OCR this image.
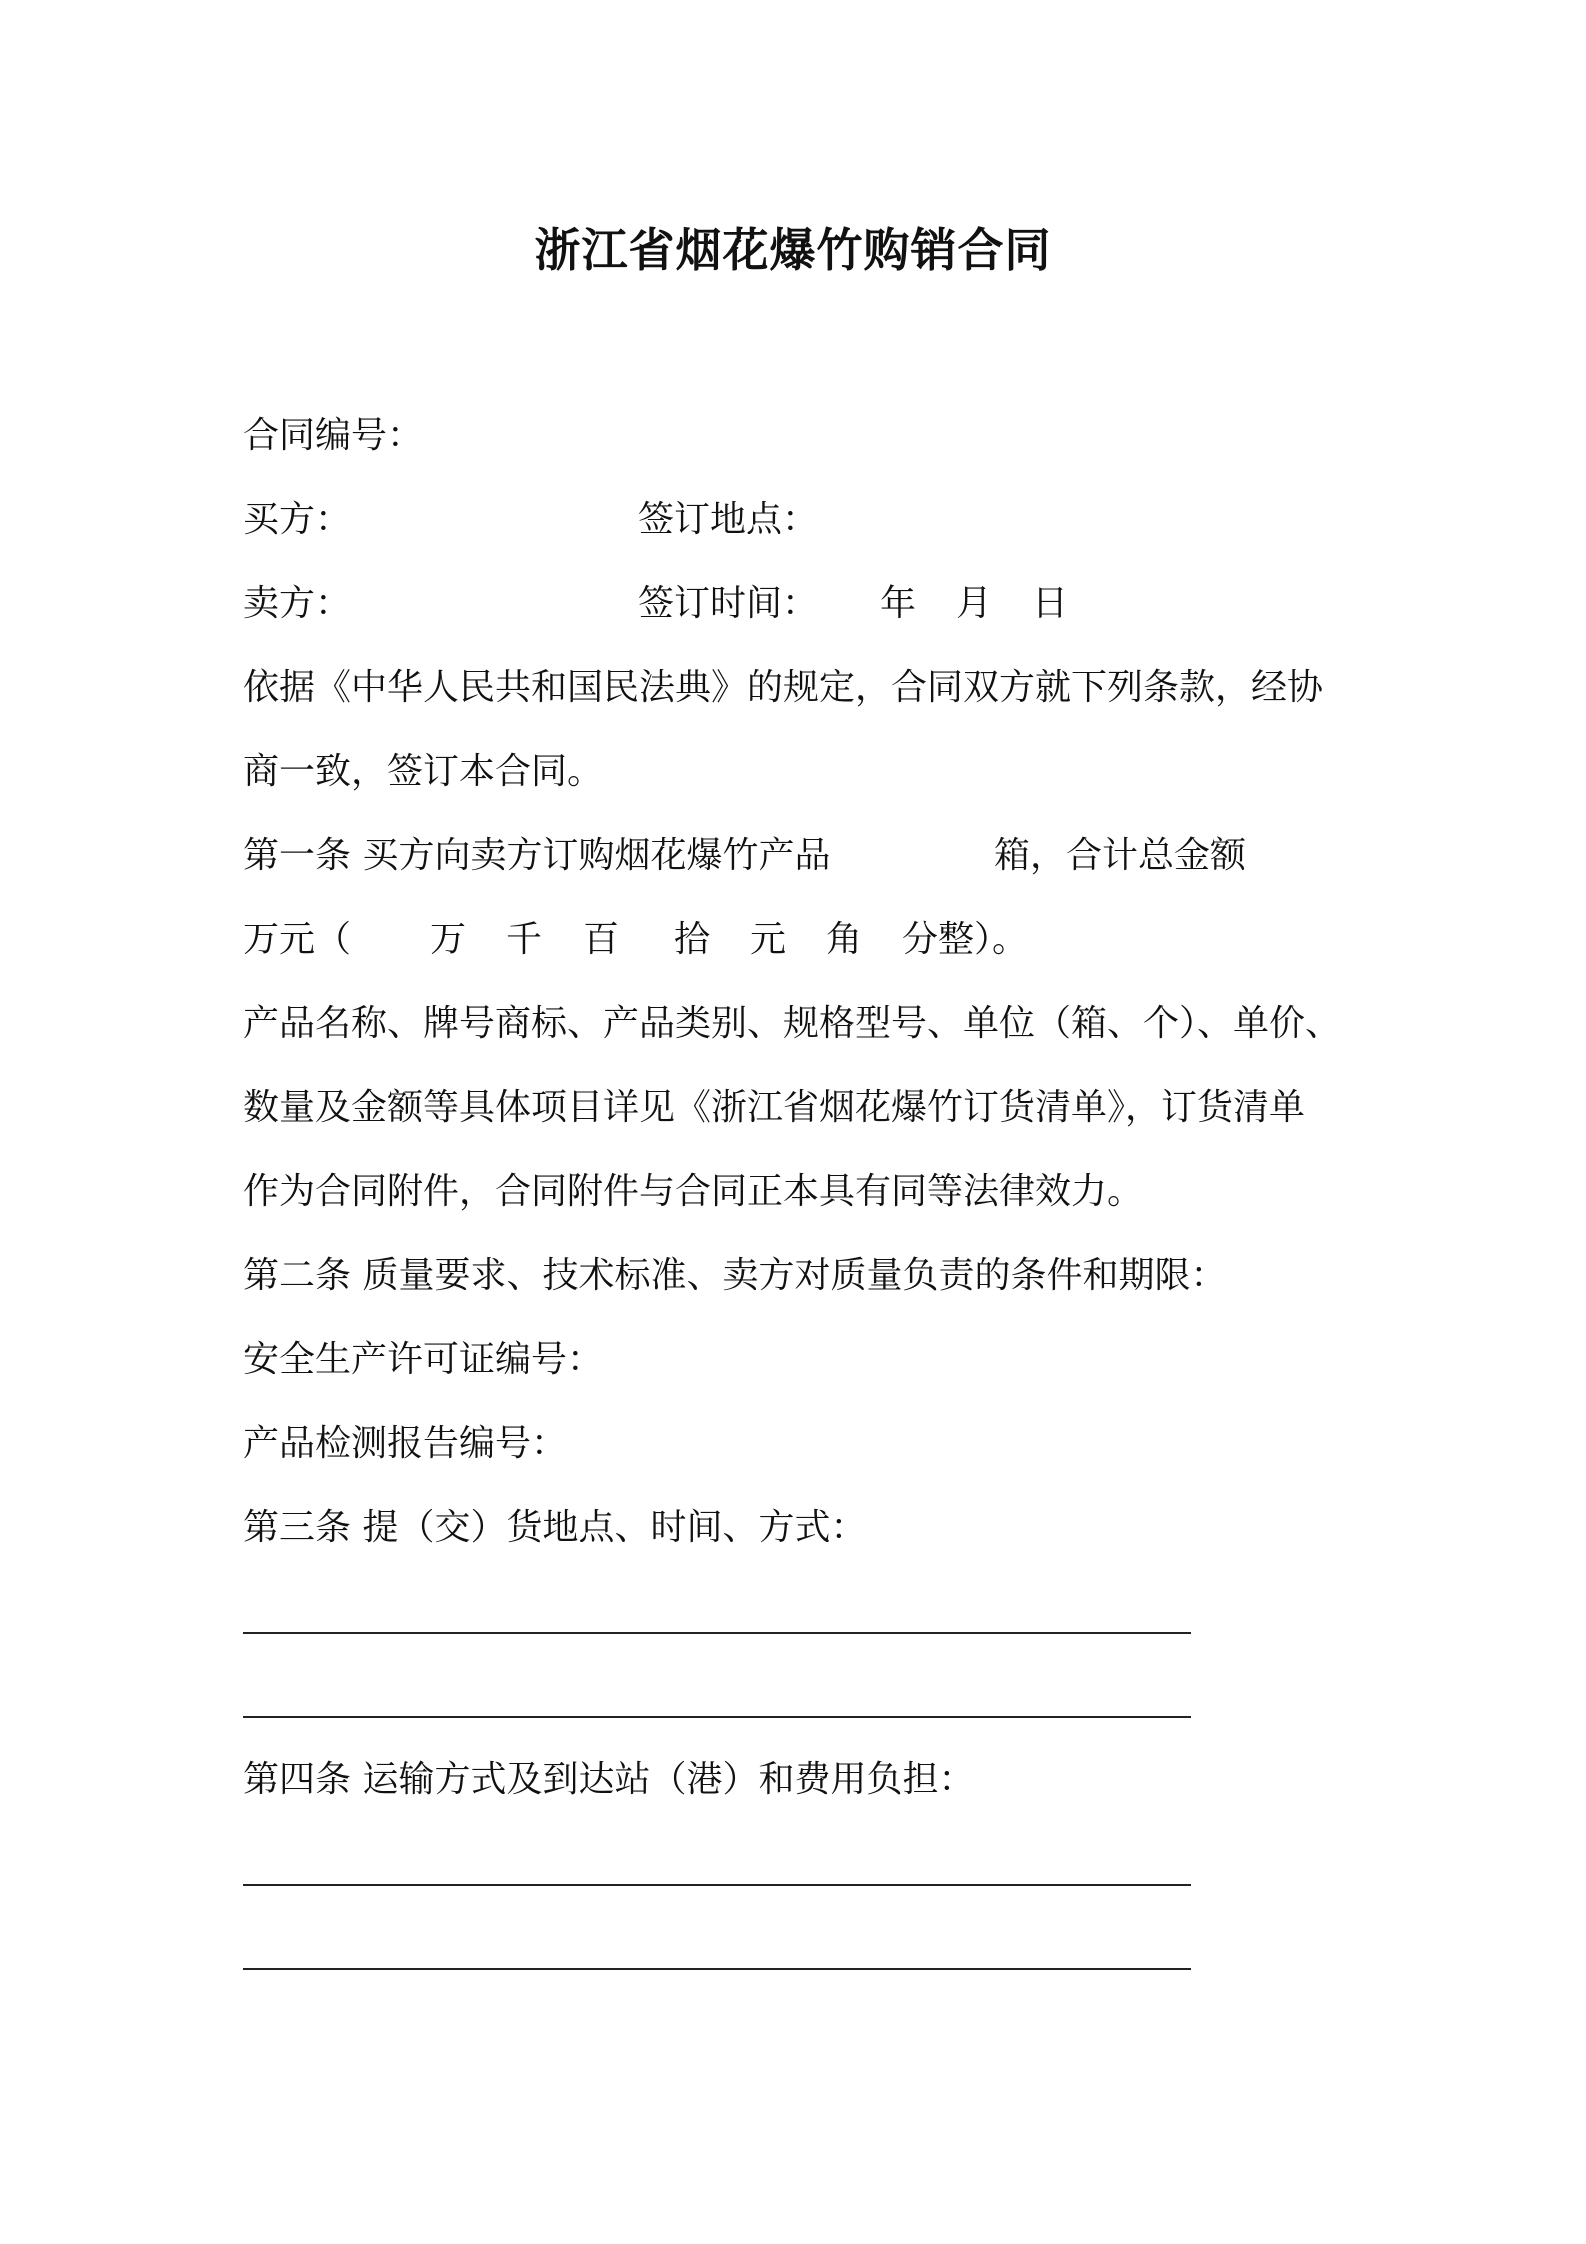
浙江省烟花爆竹购销合同
合同编号：
买方：	签订地点：
卖方：	签订时间： 年 月 日
依据《中华人民共和国民法典》的规定，合同双方就下列条款，经协
商一致，签订本合同。
第一条 买方向卖方订购烟花爆竹产品	箱，合计总金额
万元（ 万 千 百 拾 元 角 分整）。
产品名称、牌号商标、产品类别、规格型号、单位（箱、个）、单价、
数量及金额等具体项目详见《浙江省烟花爆竹订货清单》，订货清单
作为合同附件，合同附件与合同正本具有同等法律效力。
第二条 质量要求、技术标准、卖方对质量负责的条件和期限：
安全生产许可证编号：
产品检测报告编号：
第三条 提（交）货地点、时间、方式：
第四条 运输方式及到达站（港）和费用负担：
